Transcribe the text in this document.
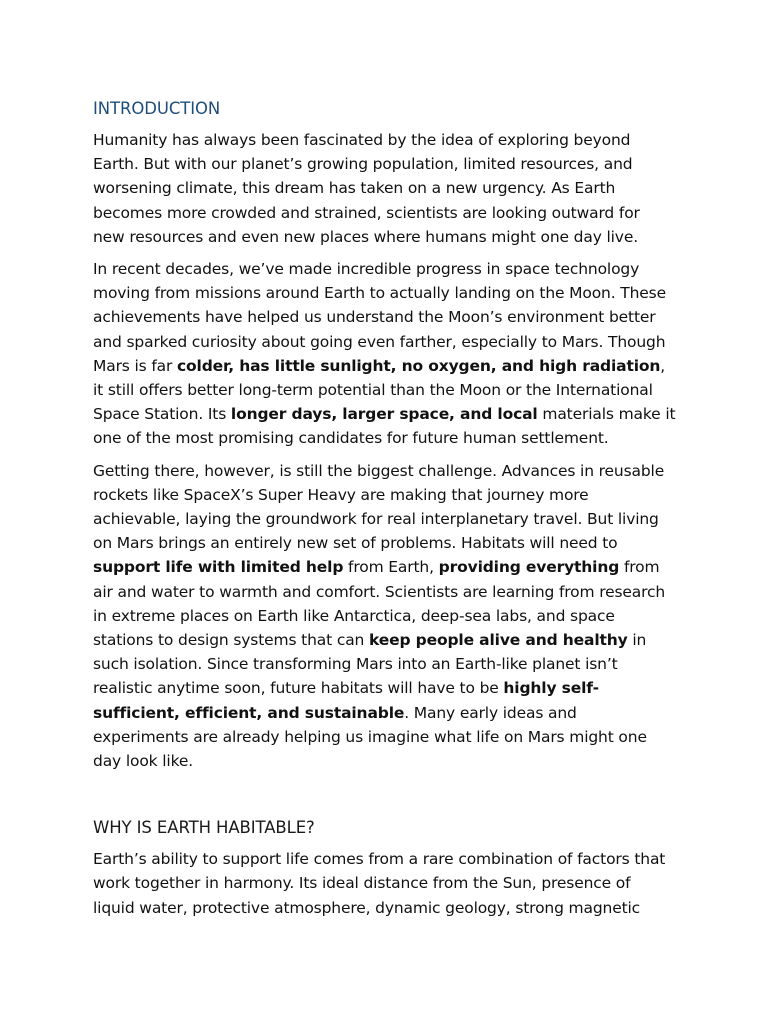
INTRODUCTION

Humanity has always been fascinated by the idea of exploring beyond Earth. But with our planet’s growing population, limited resources, and worsening climate, this dream has taken on a new urgency. As Earth becomes more crowded and strained, scientists are looking outward for new resources and even new places where humans might one day live.

In recent decades, we’ve made incredible progress in space technology moving from missions around Earth to actually landing on the Moon. These achievements have helped us understand the Moon’s environment better and sparked curiosity about going even farther, especially to Mars. Though Mars is far colder, has little sunlight, no oxygen, and high radiation, it still offers better long-term potential than the Moon or the International Space Station. Its longer days, larger space, and local materials make it one of the most promising candidates for future human settlement.

Getting there, however, is still the biggest challenge. Advances in reusable rockets like SpaceX’s Super Heavy are making that journey more achievable, laying the groundwork for real interplanetary travel. But living on Mars brings an entirely new set of problems. Habitats will need to support life with limited help from Earth, providing everything from air and water to warmth and comfort. Scientists are learning from research in extreme places on Earth like Antarctica, deep-sea labs, and space stations to design systems that can keep people alive and healthy in such isolation. Since transforming Mars into an Earth-like planet isn’t realistic anytime soon, future habitats will have to be highly self-sufficient, efficient, and sustainable. Many early ideas and experiments are already helping us imagine what life on Mars might one day look like.

WHY IS EARTH HABITABLE?

Earth’s ability to support life comes from a rare combination of factors that work together in harmony. Its ideal distance from the Sun, presence of liquid water, protective atmosphere, dynamic geology, strong magnetic
